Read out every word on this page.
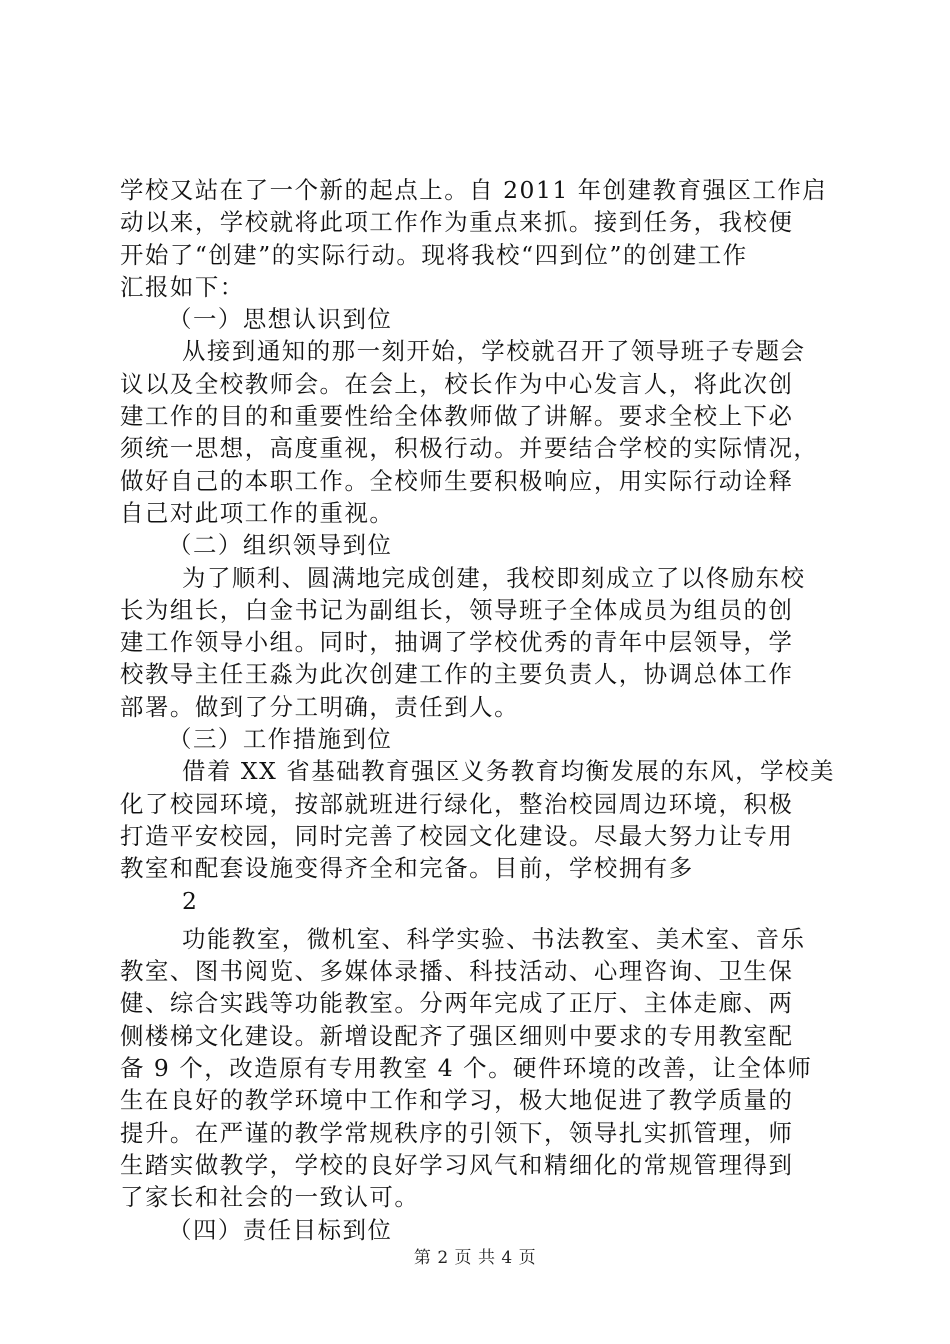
学校又站在了一个新的起点上。自 2011 年创建教育强区工作启
动以来，学校就将此项工作作为重点来抓。接到任务，我校便
开始了“创建”的实际行动。现将我校“四到位”的创建工作
汇报如下：
（一）思想认识到位
从接到通知的那一刻开始，学校就召开了领导班子专题会
议以及全校教师会。在会上，校长作为中心发言人，将此次创
建工作的目的和重要性给全体教师做了讲解。要求全校上下必
须统一思想，高度重视，积极行动。并要结合学校的实际情况，
做好自己的本职工作。全校师生要积极响应，用实际行动诠释
自己对此项工作的重视。
（二）组织领导到位
为了顺利、圆满地完成创建，我校即刻成立了以佟励东校
长为组长，白金书记为副组长，领导班子全体成员为组员的创
建工作领导小组。同时，抽调了学校优秀的青年中层领导，学
校教导主任王淼为此次创建工作的主要负责人，协调总体工作
部署。做到了分工明确，责任到人。
（三）工作措施到位
借着 XX 省基础教育强区义务教育均衡发展的东风，学校美
化了校园环境，按部就班进行绿化，整治校园周边环境，积极
打造平安校园，同时完善了校园文化建设。尽最大努力让专用
教室和配套设施变得齐全和完备。目前，学校拥有多
2
功能教室，微机室、科学实验、书法教室、美术室、音乐
教室、图书阅览、多媒体录播、科技活动、心理咨询、卫生保
健、综合实践等功能教室。分两年完成了正厅、主体走廊、两
侧楼梯文化建设。新增设配齐了强区细则中要求的专用教室配
备 9 个，改造原有专用教室 4 个。硬件环境的改善，让全体师
生在良好的教学环境中工作和学习，极大地促进了教学质量的
提升。在严谨的教学常规秩序的引领下，领导扎实抓管理，师
生踏实做教学，学校的良好学习风气和精细化的常规管理得到
了家长和社会的一致认可。
（四）责任目标到位
第 2 页 共 4 页
